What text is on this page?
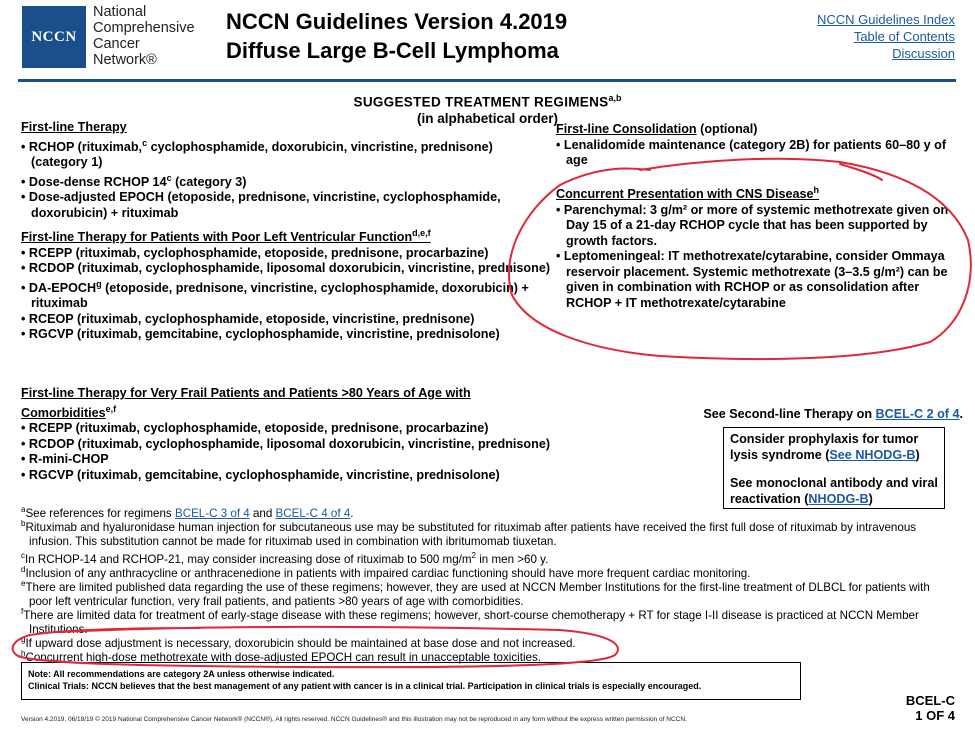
NCCN
National
Comprehensive
Cancer
Network®
NCCN Guidelines Version 4.2019
Diffuse Large B-Cell Lymphoma
NCCN Guidelines Index
Table of Contents
Discussion
SUGGESTED TREATMENT REGIMENS$^{a,b}$
(in alphabetical order)
First-line Therapy
• RCHOP (rituximab,$^c$ cyclophosphamide, doxorubicin, vincristine, prednisone) (category 1)
• Dose-dense RCHOP 14$^c$ (category 3)
• Dose-adjusted EPOCH (etoposide, prednisone, vincristine, cyclophosphamide, doxorubicin) + rituximab
First-line Therapy for Patients with Poor Left Ventricular Function$^{d,e,f}$
• RCEPP (rituximab, cyclophosphamide, etoposide, prednisone, procarbazine)
• RCDOP (rituximab, cyclophosphamide, liposomal doxorubicin, vincristine, prednisone)
• DA-EPOCH$^g$ (etoposide, prednisone, vincristine, cyclophosphamide, doxorubicin) + rituximab
• RCEOP (rituximab, cyclophosphamide, etoposide, vincristine, prednisone)
• RGCVP (rituximab, gemcitabine, cyclophosphamide, vincristine, prednisolone)
First-line Therapy for Very Frail Patients and Patients >80 Years of Age with
Comorbidities$^{e,f}$
• RCEPP (rituximab, cyclophosphamide, etoposide, prednisone, procarbazine)
• RCDOP (rituximab, cyclophosphamide, liposomal doxorubicin, vincristine, prednisone)
• R-mini-CHOP
• RGCVP (rituximab, gemcitabine, cyclophosphamide, vincristine, prednisolone)
First-line Consolidation (optional)
• Lenalidomide maintenance (category 2B) for patients 60–80 y of age
Concurrent Presentation with CNS Disease$^h$
• Parenchymal: 3 g/m² or more of systemic methotrexate given on Day 15 of a 21-day RCHOP cycle that has been supported by growth factors.
• Leptomeningeal: IT methotrexate/cytarabine, consider Ommaya reservoir placement. Systemic methotrexate (3–3.5 g/m²) can be given in combination with RCHOP or as consolidation after RCHOP + IT methotrexate/cytarabine
See Second-line Therapy on BCEL-C 2 of 4.
Consider prophylaxis for tumor lysis syndrome (See NHODG-B)
See monoclonal antibody and viral reactivation (NHODG-B)
$^a$See references for regimens BCEL-C 3 of 4 and BCEL-C 4 of 4.
$^b$Rituximab and hyaluronidase human injection for subcutaneous use may be substituted for rituximab after patients have received the first full dose of rituximab by intravenous infusion. This substitution cannot be made for rituximab used in combination with ibritumomab tiuxetan.
$^c$In RCHOP-14 and RCHOP-21, may consider increasing dose of rituximab to 500 $mg/m^2$ in men >60 y.
$^d$Inclusion of any anthracycline or anthracenedione in patients with impaired cardiac functioning should have more frequent cardiac monitoring.
$^e$There are limited published data regarding the use of these regimens; however, they are used at NCCN Member Institutions for the first-line treatment of DLBCL for patients with poor left ventricular function, very frail patients, and patients >80 years of age with comorbidities.
$^f$There are limited data for treatment of early-stage disease with these regimens; however, short-course chemotherapy + RT for stage I-II disease is practiced at NCCN Member Institutions.
$^g$If upward dose adjustment is necessary, doxorubicin should be maintained at base dose and not increased.
$^h$Concurrent high-dose methotrexate with dose-adjusted EPOCH can result in unacceptable toxicities.
Note: All recommendations are category 2A unless otherwise indicated.
Clinical Trials: NCCN believes that the best management of any patient with cancer is in a clinical trial. Participation in clinical trials is especially encouraged.
BCEL-C
1 OF 4
Version 4.2019, 06/18/19 © 2019 National Comprehensive Cancer Network® (NCCN®), All rights reserved. NCCN Guidelines® and this illustration may not be reproduced in any form without the express written permission of NCCN.
